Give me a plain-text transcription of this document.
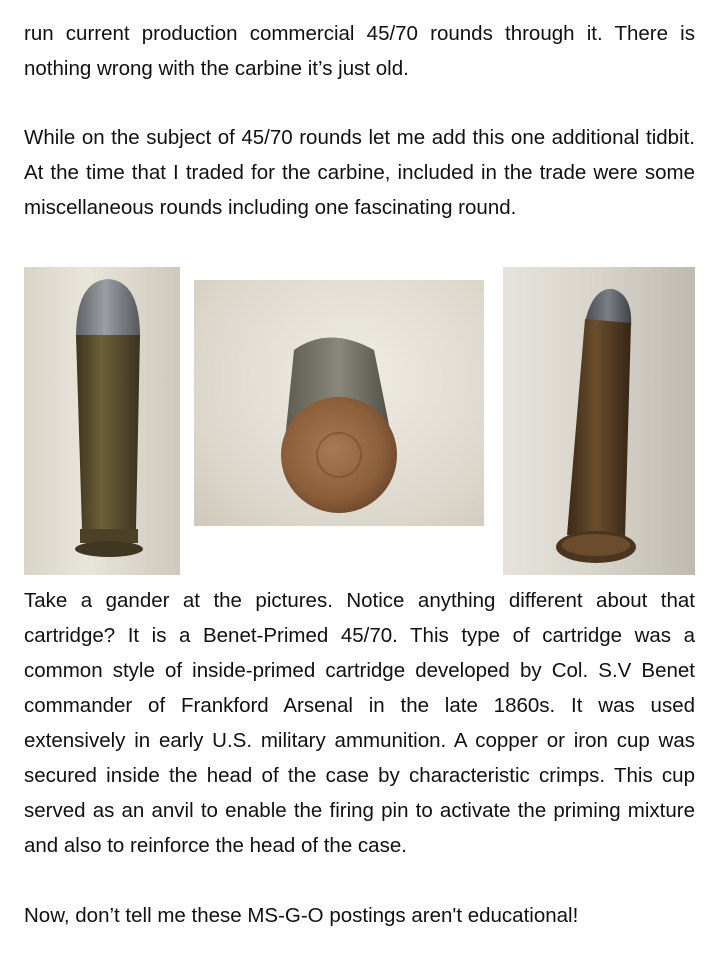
run current production commercial 45/70 rounds through it. There is nothing wrong with the carbine it’s just old.

While on the subject of 45/70 rounds let me add this one additional tidbit. At the time that I traded for the carbine, included in the trade were some miscellaneous rounds including one fascinating round.

Take a gander at the pictures. Notice anything different about that cartridge? It is a Benet-Primed 45/70. This type of cartridge was a common style of inside-primed cartridge developed by Col. S.V Benet commander of Frankford Arsenal in the late 1860s. It was used extensively in early U.S. military ammunition. A copper or iron cup was secured inside the head of the case by characteristic crimps. This cup served as an anvil to enable the firing pin to activate the priming mixture and also to reinforce the head of the case.

Now, don’t tell me these MS-G-O postings aren't educational!
